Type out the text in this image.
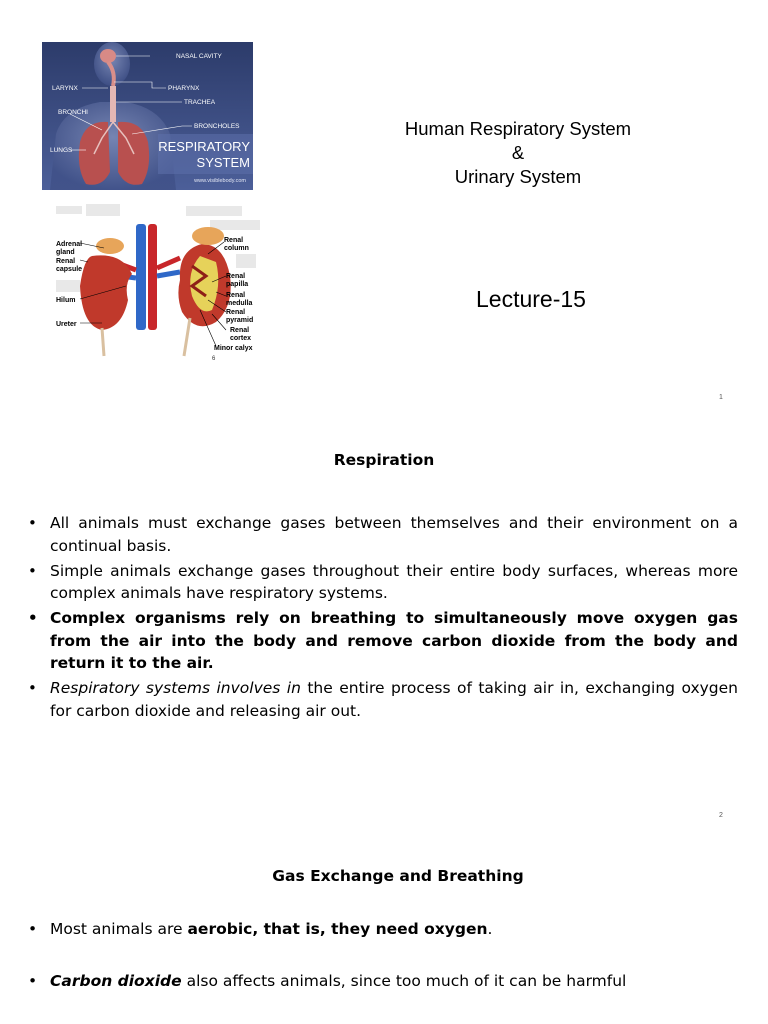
NASAL CAVITY
LARYNX	PHARYNX
TRACHEA
BRONCHI
BRONCHOLES
LUNGS	RESPIRATORY
SYSTEM
www.visiblebody.com
Adrenal
gland
Renal
capsule
Hilum
Ureter
Renal
column
Renal
papilla
Renal
medulla
Renal
pyramid
Renal
cortex
Minor calyx
6
Human Respiratory System
&
Urinary System
Lecture-15
1
Respiration
• All animals must exchange gases between themselves and their environment on a continual basis.
• Simple animals exchange gases throughout their entire body surfaces, whereas more complex animals have respiratory systems.
• Complex organisms rely on breathing to simultaneously move oxygen gas from the air into the body and remove carbon dioxide from the body and return it to the air.
• Respiratory systems involves in the entire process of taking air in, exchanging oxygen for carbon dioxide and releasing air out.
2
Gas Exchange and Breathing
• Most animals are aerobic, that is, they need oxygen.
• Carbon dioxide also affects animals, since too much of it can be harmful
